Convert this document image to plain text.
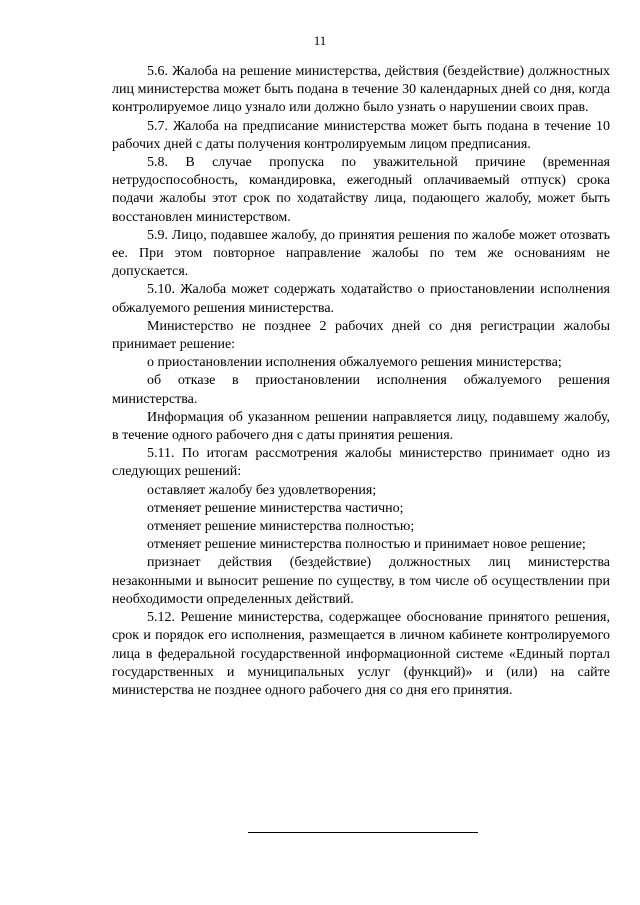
11

5.6. Жалоба на решение министерства, действия (бездействие) должностных лиц министерства может быть подана в течение 30 календарных дней со дня, когда контролируемое лицо узнало или должно было узнать о нарушении своих прав.

5.7. Жалоба на предписание министерства может быть подана в течение 10 рабочих дней с даты получения контролируемым лицом предписания.

5.8. В случае пропуска по уважительной причине (временная нетрудоспособность, командировка, ежегодный оплачиваемый отпуск) срока подачи жалобы этот срок по ходатайству лица, подающего жалобу, может быть восстановлен министерством.

5.9. Лицо, подавшее жалобу, до принятия решения по жалобе может отозвать ее. При этом повторное направление жалобы по тем же основаниям не допускается.

5.10. Жалоба может содержать ходатайство о приостановлении исполнения обжалуемого решения министерства.

Министерство не позднее 2 рабочих дней со дня регистрации жалобы принимает решение:

о приостановлении исполнения обжалуемого решения министерства;

об отказе в приостановлении исполнения обжалуемого решения министерства.

Информация об указанном решении направляется лицу, подавшему жалобу, в течение одного рабочего дня с даты принятия решения.

5.11. По итогам рассмотрения жалобы министерство принимает одно из следующих решений:

оставляет жалобу без удовлетворения;

отменяет решение министерства частично;

отменяет решение министерства полностью;

отменяет решение министерства полностью и принимает новое решение;

признает действия (бездействие) должностных лиц министерства незаконными и выносит решение по существу, в том числе об осуществлении при необходимости определенных действий.

5.12. Решение министерства, содержащее обоснование принятого решения, срок и порядок его исполнения, размещается в личном кабинете контролируемого лица в федеральной государственной информационной системе «Единый портал государственных и муниципальных услуг (функций)» и (или) на сайте министерства не позднее одного рабочего дня со дня его принятия.
